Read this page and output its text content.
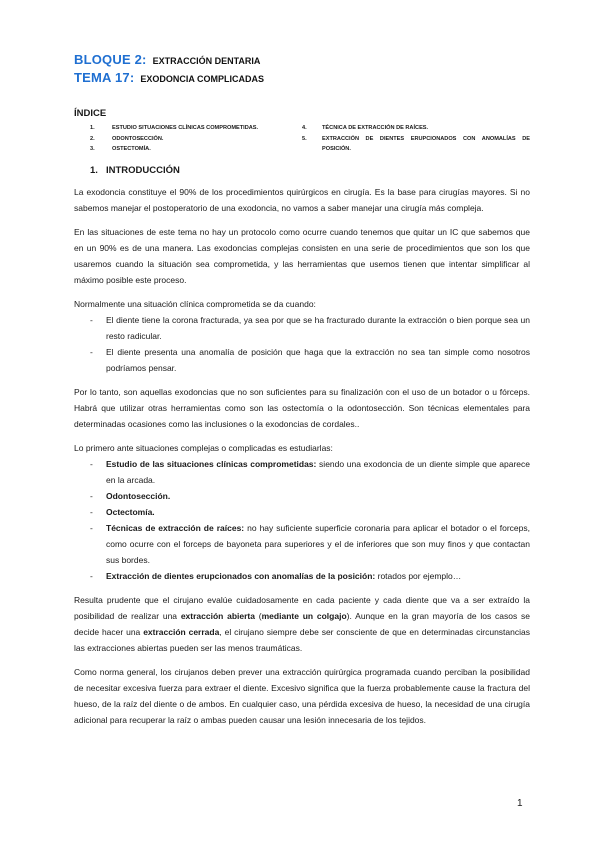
BLOQUE 2: EXTRACCIÓN DENTARIA
TEMA 17: EXODONCIA COMPLICADAS
ÍNDICE
1.	ESTUDIO SITUACIONES CLÍNICAS COMPROMETIDAS.
2.	ODONTOSECCIÓN.
3.	OSTECTOMÍA.
4.	TÉCNICA DE EXTRACCIÓN DE RAÍCES.
5.	EXTRACCIÓN DE DIENTES ERUPCIONADOS CON ANOMALÍAS DE POSICIÓN.
1. INTRODUCCIÓN

La exodoncia constituye el 90% de los procedimientos quirúrgicos en cirugía. Es la base para cirugías mayores. Si no sabemos manejar el postoperatorio de una exodoncia, no vamos a saber manejar una cirugía más compleja.

En las situaciones de este tema no hay un protocolo como ocurre cuando tenemos que quitar un IC que sabemos que en un 90% es de una manera. Las exodoncias complejas consisten en una serie de procedimientos que son los que usaremos cuando la situación sea comprometida, y las herramientas que usemos tienen que intentar simplificar al máximo posible este proceso.

Normalmente una situación clínica comprometida se da cuando:

- El diente tiene la corona fracturada, ya sea por que se ha fracturado durante la extracción o bien porque sea un resto radicular.
- El diente presenta una anomalía de posición que haga que la extracción no sea tan simple como nosotros podríamos pensar.

Por lo tanto, son aquellas exodoncias que no son suficientes para su finalización con el uso de un botador o u fórceps. Habrá que utilizar otras herramientas como son las ostectomía o la odontosección. Son técnicas elementales para determinadas ocasiones como las inclusiones o la exodoncias de cordales..

Lo primero ante situaciones complejas o complicadas es estudiarlas:

- Estudio de las situaciones clínicas comprometidas: siendo una exodoncia de un diente simple que aparece en la arcada.
- Odontosección.
- Octectomía.
- Técnicas de extracción de raíces: no hay suficiente superficie coronaria para aplicar el botador o el forceps, como ocurre con el forceps de bayoneta para superiores y el de inferiores que son muy finos y que contactan sus bordes.
- Extracción de dientes erupcionados con anomalías de la posición: rotados por ejemplo…

Resulta prudente que el cirujano evalúe cuidadosamente en cada paciente y cada diente que va a ser extraído la posibilidad de realizar una extracción abierta (mediante un colgajo). Aunque en la gran mayoría de los casos se decide hacer una extracción cerrada, el cirujano siempre debe ser consciente de que en determinadas circunstancias las extracciones abiertas pueden ser las menos traumáticas.

Como norma general, los cirujanos deben prever una extracción quirúrgica programada cuando perciban la posibilidad de necesitar excesiva fuerza para extraer el diente. Excesivo significa que la fuerza probablemente cause la fractura del hueso, de la raíz del diente o de ambos. En cualquier caso, una pérdida excesiva de hueso, la necesidad de una cirugía adicional para recuperar la raíz o ambas pueden causar una lesión innecesaria de los tejidos.

1
